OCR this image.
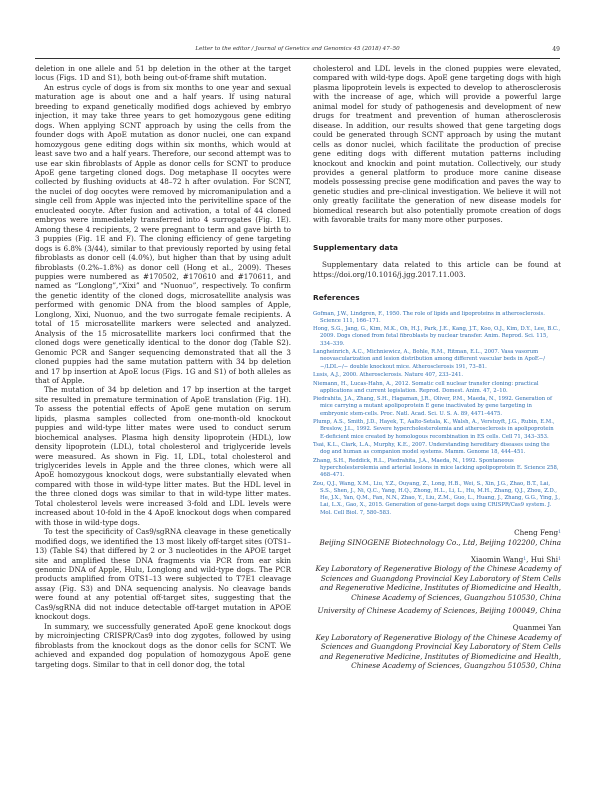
Letter to the editor / Journal of Genetics and Genomics 45 (2018) 47–50	49

deletion in one allele and 51 bp deletion in the other at the target locus (Figs. 1D and S1), both being out-of-frame shift mutation.

An estrus cycle of dogs is from six months to one year and sexual maturation age is about one and a half years. If using natural breeding to expand genetically modified dogs achieved by embryo injection, it may take three years to get homozygous gene editing dogs. When applying SCNT approach by using the cells from the founder dogs with ApoE mutation as donor nuclei, one can expand homozygous gene editing dogs within six months, which would at least save two and a half years. Therefore, our second attempt was to use ear skin fibroblasts of Apple as donor cells for SCNT to produce ApoE gene targeting cloned dogs. Dog metaphase II oocytes were collected by flushing oviducts at 48–72 h after ovulation. For SCNT, the nuclei of dog oocytes were removed by micromanipulation and a single cell from Apple was injected into the perivitelline space of the enucleated oocyte. After fusion and activation, a total of 44 cloned embryos were immediately transferred into 4 surrogates (Fig. 1E). Among these 4 recipients, 2 were pregnant to term and gave birth to 3 puppies (Fig. 1E and F). The cloning efficiency of gene targeting dogs is 6.8% (3/44), similar to that previously reported by using fetal fibroblasts as donor cell (4.0%), but higher than that by using adult fibroblasts (0.2%–1.8%) as donor cell (Hong et al., 2009). Theses puppies were numbered as #170502, #170610 and #170611, and named as “Longlong”,“Xixi” and “Nuonuo”, respectively. To confirm the genetic identity of the cloned dogs, microsatellite analysis was performed with genomic DNA from the blood samples of Apple, Longlong, Xixi, Nuonuo, and the two surrogate female recipients. A total of 15 microsatellite markers were selected and analyzed. Analysis of the 15 microsatellite markers loci confirmed that the cloned dogs were genetically identical to the donor dog (Table S2). Genomic PCR and Sanger sequencing demonstrated that all the 3 cloned puppies had the same mutation pattern with 34 bp deletion and 17 bp insertion at ApoE locus (Figs. 1G and S1) of both alleles as that of Apple.

The mutation of 34 bp deletion and 17 bp insertion at the target site resulted in premature termination of ApoE translation (Fig. 1H). To assess the potential effects of ApoE gene mutation on serum lipids, plasma samples collected from one-month-old knockout puppies and wild-type litter mates were used to conduct serum biochemical analyses. Plasma high density lipoprotein (HDL), low density lipoprotein (LDL), total cholesterol and triglyceride levels were measured. As shown in Fig. 1I, LDL, total cholesterol and triglycerides levels in Apple and the three clones, which were all ApoE homozygous knockout dogs, were substantially elevated when compared with those in wild-type litter mates. But the HDL level in the three cloned dogs was similar to that in wild-type litter mates. Total cholesterol levels were increased 3-fold and LDL levels were increased about 10-fold in the 4 ApoE knockout dogs when compared with those in wild-type dogs.

To test the specificity of Cas9/sgRNA cleavage in these genetically modified dogs, we identified the 13 most likely off-target sites (OTS1–13) (Table S4) that differed by 2 or 3 nucleotides in the APOE target site and amplified these DNA fragments via PCR from ear skin genomic DNA of Apple, Hulu, Longlong and wild-type dogs. The PCR products amplified from OTS1–13 were subjected to T7E1 cleavage assay (Fig. S3) and DNA sequencing analysis. No cleavage bands were found at any potential off-target sites, suggesting that the Cas9/sgRNA did not induce detectable off-target mutation in APOE knockout dogs.

In summary, we successfully generated ApoE gene knockout dogs by microinjecting CRISPR/Cas9 into dog zygotes, followed by using fibroblasts from the knockout dogs as the donor cells for SCNT. We achieved and expanded dog population of homozygous ApoE gene targeting dogs. Similar to that in cell donor dog, the total

cholesterol and LDL levels in the cloned puppies were elevated, compared with wild-type dogs. ApoE gene targeting dogs with high plasma lipoprotein levels is expected to develop to atherosclerosis with the increase of age, which will provide a powerful large animal model for study of pathogenesis and development of new drugs for treatment and prevention of human atherosclerosis disease. In addition, our results showed that gene targeting dogs could be generated through SCNT approach by using the mutant cells as donor nuclei, which facilitate the production of precise gene editing dogs with different mutation patterns including knockout and knockin and point mutation. Collectively, our study provides a general platform to produce more canine disease models possessing precise gene modification and paves the way to genetic studies and pre-clinical investigation. We believe it will not only greatly facilitate the generation of new disease models for biomedical research but also potentially promote creation of dogs with favorable traits for many more other purposes.

Supplementary data

Supplementary data related to this article can be found at https://doi.org/10.1016/j.jgg.2017.11.003.

References
Gofman, J.W., Lindgren, F., 1950. The role of lipids and lipoproteins in atherosclerosis. Science 111, 166–171.
Hong, S.G., Jang, G., Kim, M.K., Oh, H.J., Park, J.E., Kang, J.T., Koo, O.J., Kim, D.Y., Lee, B.C., 2009. Dogs cloned from fetal fibroblasts by nuclear transfer. Anim. Reprod. Sci. 115, 334–339.
Langheinrich, A.C., Michniewicz, A., Bohle, R.M., Ritman, E.L., 2007. Vasa vasorum neovascularization and lesion distribution among different vascular beds in ApoE−/−/LDL−/− double knockout mice. Atherosclerosis 191, 73–81.
Lusis, A.J., 2000. Atherosclerosis. Nature 407, 233–241.
Niemann, H., Lucas-Hahn, A., 2012. Somatic cell nuclear transfer cloning: practical applications and current legislation. Reprod. Domest. Anim. 47, 2–10.
Piedrahita, J.A., Zhang, S.H., Hagaman, J.R., Oliver, P.M., Maeda, N., 1992. Generation of mice carrying a mutant apolipoprotein E gene inactivated by gene targeting in embryonic stem-cells. Proc. Natl. Acad. Sci. U. S. A. 89, 4471–4475.
Plump, A.S., Smith, J.D., Hayek, T., Aalto-Setala, K., Walsh, A., Verstuyft, J.G., Rubin, E.M., Breslow, J.L., 1992. Severe hypercholesterolemia and atherosclerosis in apolipoprotein E-deficient mice created by homologous recombination in ES cells. Cell 71, 343–353.
Tsai, K.L., Clark, L.A., Murphy, K.E., 2007. Understanding hereditary diseases using the dog and human as companion model systems. Mamm. Genome 18, 444–451.
Zhang, S.H., Reddick, R.L., Piedrahita, J.A., Maeda, N., 1992. Spontaneous hypercholesterolemia and arterial lesions in mice lacking apolipoprotein E. Science 258, 468–471.
Zou, Q.J., Wang, X.M., Liu, Y.Z., Ouyang, Z., Long, H.B., Wei, S., Xin, J.G., Zhao, B.T., Lai, S.S., Shen, J., Ni, Q.C., Yang, H.Q., Zhong, H.L., Li, L., Hu, M.H., Zhang, Q.J., Zhou, Z.D., He, J.X., Yan, Q.M., Fan, N.N., Zhao, Y., Liu, Z.M., Guo, L., Huang, J., Zhang, G.G., Ying, J., Lai, L.X., Gao, X., 2015. Generation of gene-target dogs using CRISPR/Cas9 system. J. Mol. Cell Biol. 7, 580–583.
Cheng Feng$^1$
Beijing SINOGENE Biotechnology Co., Ltd, Beijing 102200, China
Xiaomin Wang$^1$, Hui Shi$^1$
Key Laboratory of Regenerative Biology of the Chinese Academy of Sciences and Guangdong Provincial Key Laboratory of Stem Cells and Regenerative Medicine, Institutes of Biomedicine and Health, Chinese Academy of Sciences, Guangzhou 510530, China
University of Chinese Academy of Sciences, Beijing 100049, China
Quanmei Yan
Key Laboratory of Regenerative Biology of the Chinese Academy of Sciences and Guangdong Provincial Key Laboratory of Stem Cells and Regenerative Medicine, Institutes of Biomedicine and Health, Chinese Academy of Sciences, Guangzhou 510530, China
